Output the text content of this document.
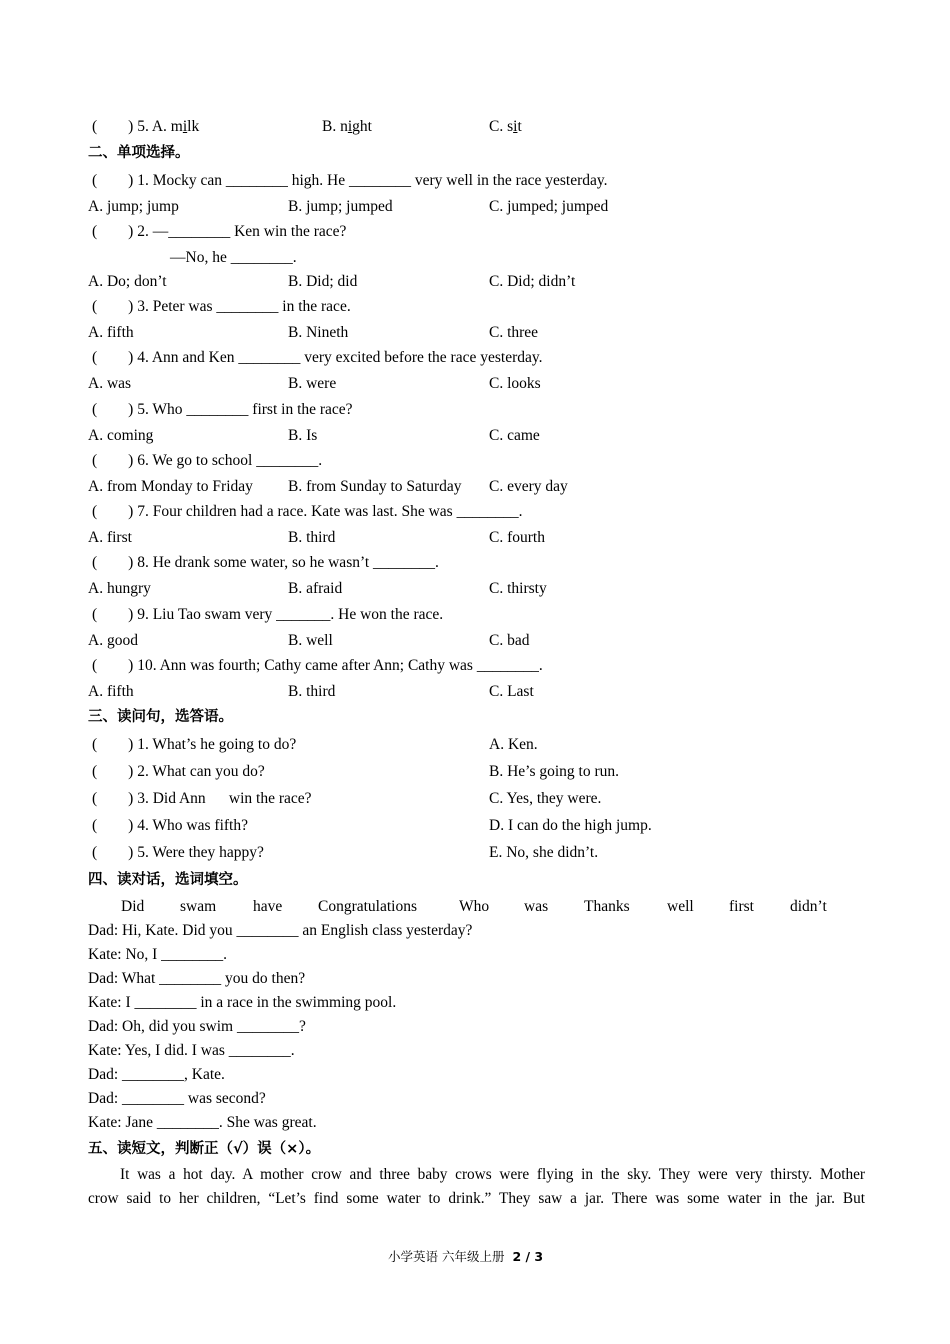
(　　) 5. A. milk	B. night	C. sit
二、单项选择。
(　　) 1. Mocky can ________ high. He ________ very well in the race yesterday.
A. jump; jump	B. jump; jumped	C. jumped; jumped
(　　) 2. —________ Ken win the race?
—No, he ________.
A. Do; don’t	B. Did; did	C. Did; didn’t
(　　) 3. Peter was ________ in the race.
A. fifth	B. Nineth	C. three
(　　) 4. Ann and Ken ________ very excited before the race yesterday.
A. was	B. were	C. looks
(　　) 5. Who ________ first in the race?
A. coming	B. Is	C. came
(　　) 6. We go to school ________.
A. from Monday to Friday B. from Sunday to Saturday C. every day
(　　) 7. Four children had a race. Kate was last. She was ________.
A. first	B. third	C. fourth
(　　) 8. He drank some water, so he wasn’t ________.
A. hungry	B. afraid	C. thirsty
(　　) 9. Liu Tao swam very _______. He won the race.
A. good	B. well	C. bad
(　　) 10. Ann was fourth; Cathy came after Ann; Cathy was ________.
A. fifth	B. third	C. Last
三、读问句，选答语。
(　　) 1. What’s he going to do?	A. Ken.
(　　) 2. What can you do?	B. He’s going to run.
(　　) 3. Did Ann 　 win the race?	C. Yes, they were.
(　　) 4. Who was fifth?	D. I can do the high jump.
(　　) 5. Were they happy?	E. No, she didn’t.
四、读对话，选词填空。
Did swam have Congratulations	Who was Thanks well first didn’t
Dad: Hi, Kate. Did you ________ an English class yesterday?
Kate: No, I ________.
Dad: What ________ you do then?
Kate: I ________ in a race in the swimming pool.
Dad: Oh, did you swim ________?
Kate: Yes, I did. I was ________.
Dad: ________, Kate.
Dad: ________ was second?
Kate: Jane ________. She was great.
五、读短文，判断正（√）误（×）。
It was a hot day. A mother crow and three baby crows were flying in the sky. They were very thirsty. Mother
crow said to her children, “Let’s find some water to drink.” They saw a jar. There was some water in the jar. But
小学英语 六年级上册 2 / 3
